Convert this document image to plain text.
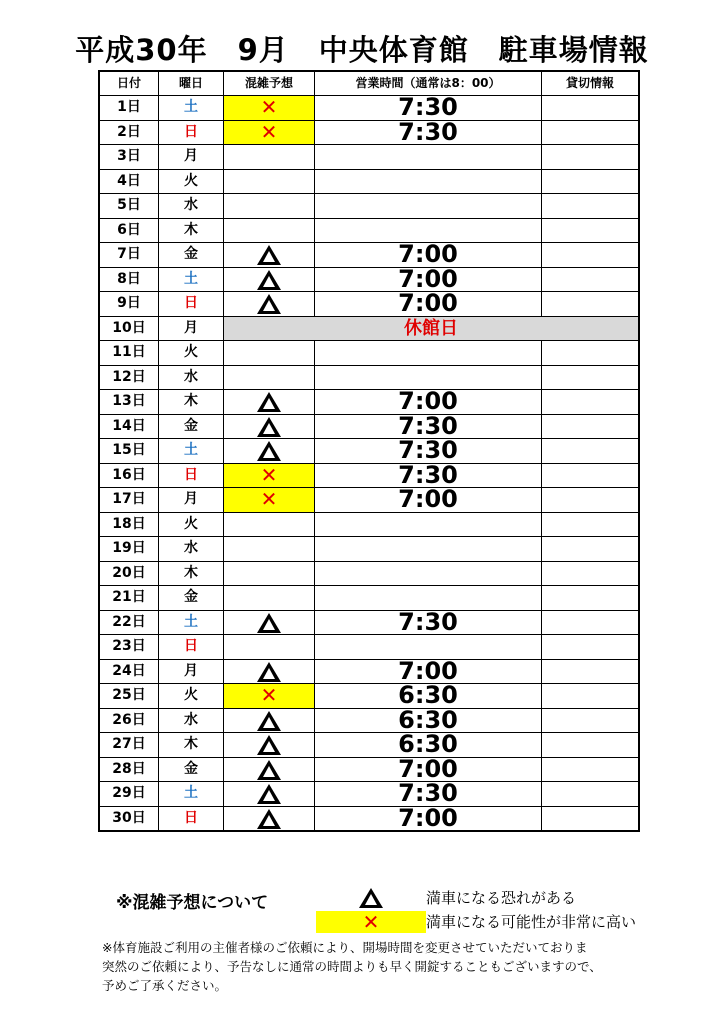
平成30年　9月　中央体育館　駐車場情報
日付	曜日	混雑予想	営業時間（通常は8：00）	貸切情報
1日	土	✕	7:30	
2日	日	✕	7:30	
3日	月			
4日	火			
5日	水			
6日	木			
7日	金		7:00	
8日	土		7:00	
9日	日		7:00	
10日	月	休館日		
11日	火			
12日	水			
13日	木		7:00	
14日	金		7:30	
15日	土		7:30	
16日	日	✕	7:30	
17日	月	✕	7:00	
18日	火			
19日	水			
20日	木			
21日	金			
22日	土		7:30	
23日	日			
24日	月		7:00	
25日	火	✕	6:30	
26日	水		6:30	
27日	木		6:30	
28日	金		7:00	
29日	土		7:30	
30日	日		7:00	
※混雑予想について	満車になる恐れがある
✕	満車になる可能性が非常に高い
※体育施設ご利用の主催者様のご依頼により、開場時間を変更させていただいておりま
突然のご依頼により、予告なしに通常の時間よりも早く開錠することもございますので、
予めご了承ください。
